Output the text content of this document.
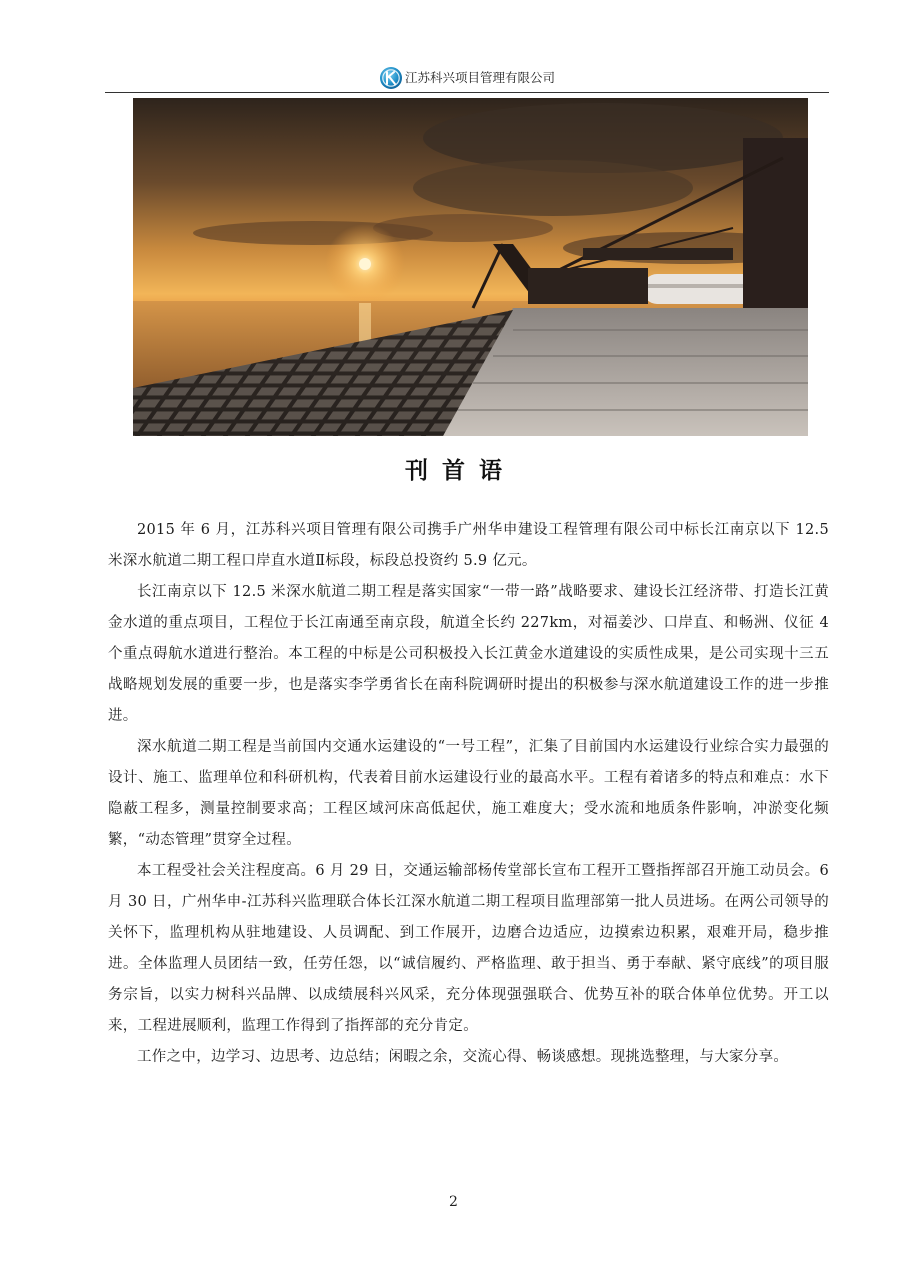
江苏科兴项目管理有限公司
刊首语

2015 年 6 月，江苏科兴项目管理有限公司携手广州华申建设工程管理有限公司中标长江南京以下 12.5 米深水航道二期工程口岸直水道Ⅱ标段，标段总投资约 5.9 亿元。

长江南京以下 12.5 米深水航道二期工程是落实国家“一带一路”战略要求、建设长江经济带、打造长江黄金水道的重点项目，工程位于长江南通至南京段，航道全长约 227km，对福姜沙、口岸直、和畅洲、仪征 4 个重点碍航水道进行整治。本工程的中标是公司积极投入长江黄金水道建设的实质性成果，是公司实现十三五战略规划发展的重要一步，也是落实李学勇省长在南科院调研时提出的积极参与深水航道建设工作的进一步推进。

深水航道二期工程是当前国内交通水运建设的“一号工程”，汇集了目前国内水运建设行业综合实力最强的设计、施工、监理单位和科研机构，代表着目前水运建设行业的最高水平。工程有着诸多的特点和难点：水下隐蔽工程多，测量控制要求高；工程区域河床高低起伏，施工难度大；受水流和地质条件影响，冲淤变化频繁，“动态管理”贯穿全过程。

本工程受社会关注程度高。6 月 29 日，交通运输部杨传堂部长宣布工程开工暨指挥部召开施工动员会。6 月 30 日，广州华申-江苏科兴监理联合体长江深水航道二期工程项目监理部第一批人员进场。在两公司领导的关怀下，监理机构从驻地建设、人员调配、到工作展开，边磨合边适应，边摸索边积累，艰难开局，稳步推进。全体监理人员团结一致，任劳任怨，以“诚信履约、严格监理、敢于担当、勇于奉献、紧守底线”的项目服务宗旨，以实力树科兴品牌、以成绩展科兴风采，充分体现强强联合、优势互补的联合体单位优势。开工以来，工程进展顺利，监理工作得到了指挥部的充分肯定。

工作之中，边学习、边思考、边总结；闲暇之余，交流心得、畅谈感想。现挑选整理，与大家分享。

2
